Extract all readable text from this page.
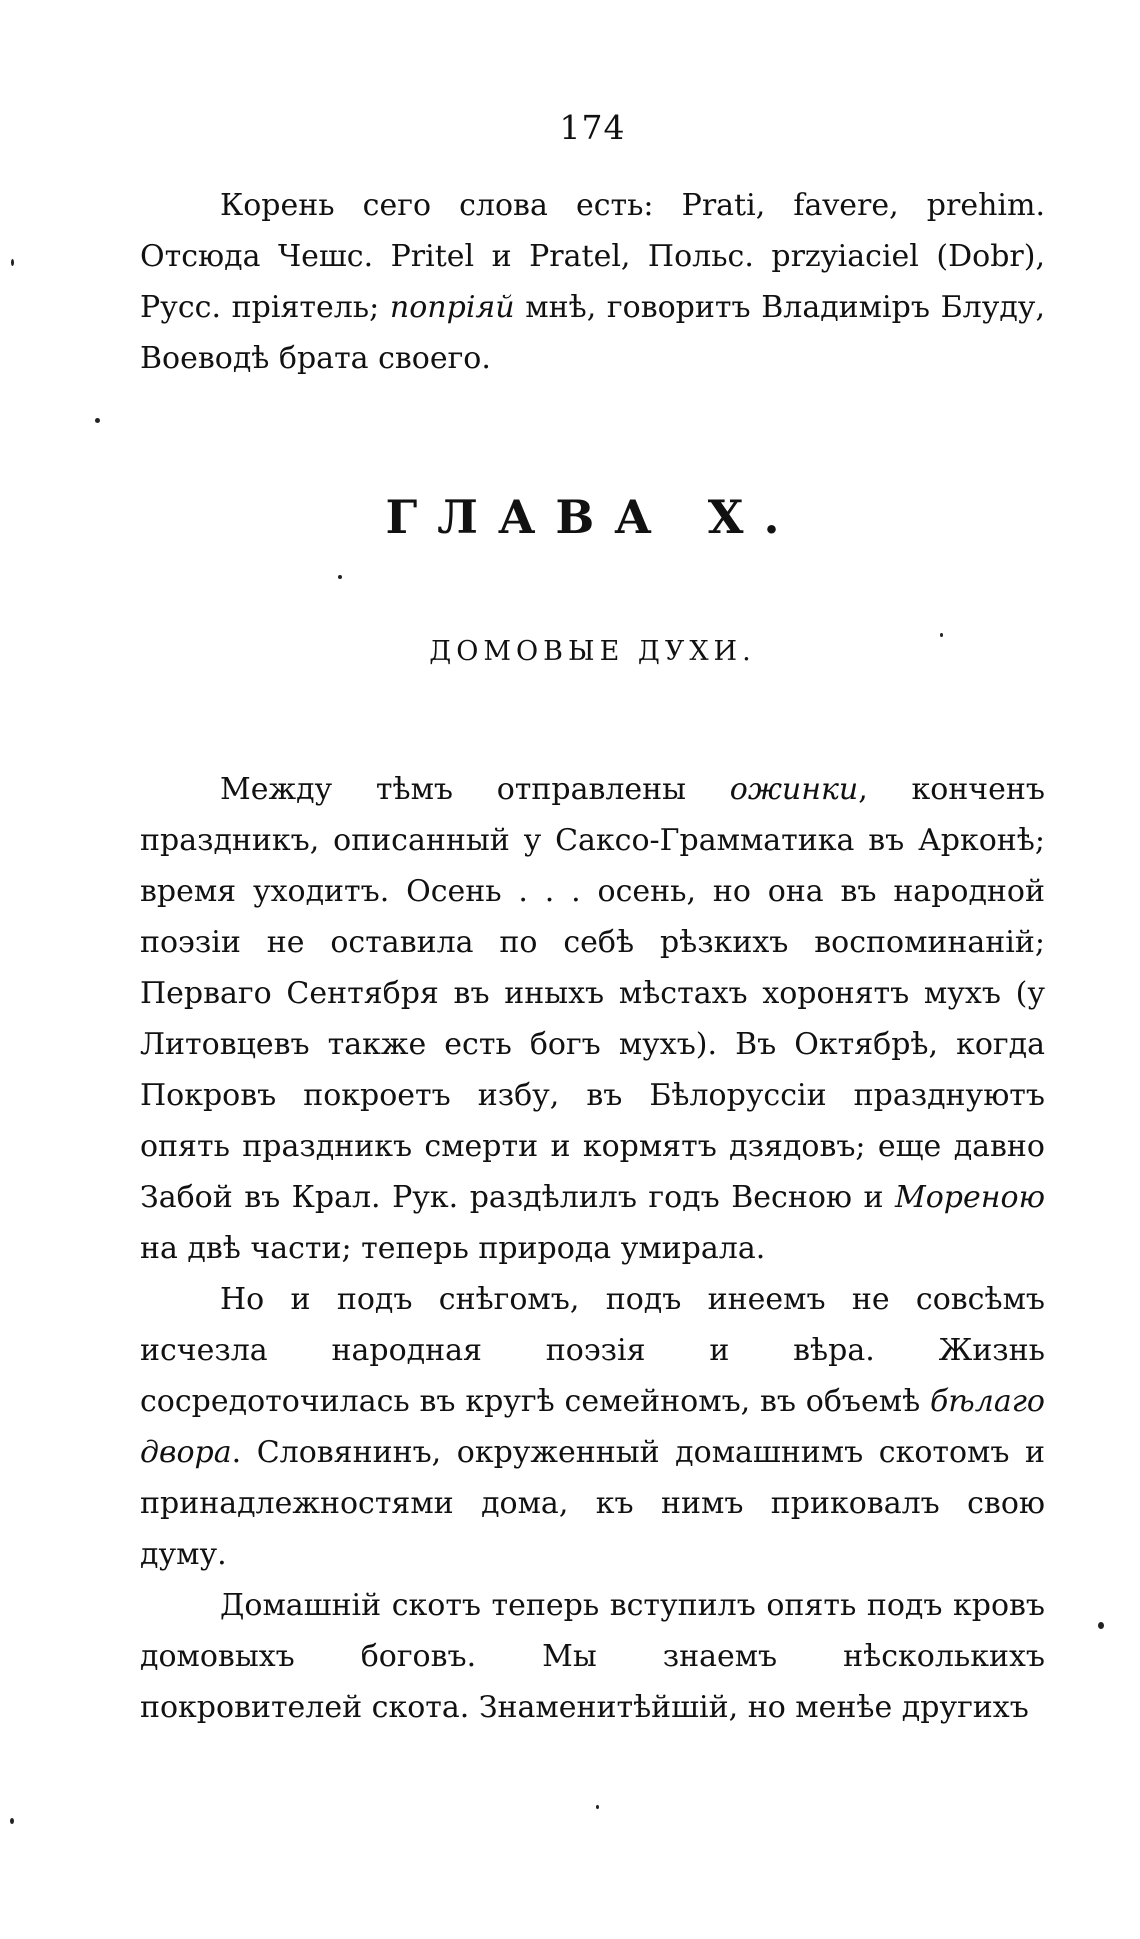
174

Корень сего слова есть: Prati, favere, prehim. Отсюда Чешс. Pritel и Pratel, Польс. przyiaciel (Dobr), Русс. пріятель; попріяй мнѣ, говоритъ Владиміръ Блуду, Воеводѣ брата своего.

ГЛАВА X.
ДОМОВЫЕ ДУХИ.

Между тѣмъ отправлены ожинки, конченъ праздникъ, описанный у Саксо-Грамматика въ Арконѣ; время уходитъ. Осень . . . осень, но она въ народной поэзіи не оставила по себѣ рѣзкихъ воспоминаній; Перваго Сентября въ иныхъ мѣстахъ хоронятъ мухъ (у Литовцевъ также есть богъ мухъ). Въ Октябрѣ, когда Покровъ покроетъ избу, въ Бѣлоруссіи празднуютъ опять праздникъ смерти и кормятъ дзядовъ; еще давно Забой въ Крал. Рук. раздѣлилъ годъ Весною и Мореною на двѣ части; теперь природа умирала.

Но и подъ снѣгомъ, подъ инеемъ не совсѣмъ исчезла народная поэзія и вѣра. Жизнь сосредоточилась въ кругѣ семейномъ, въ объемѣ бѣлаго двора. Словянинъ, окруженный домашнимъ скотомъ и принадлежностями дома, къ нимъ приковалъ свою думу.

Домашній скотъ теперь вступилъ опять подъ кровъ домовыхъ боговъ. Мы знаемъ нѣсколькихъ покровителей скота. Знаменитѣйшій, но менѣе другихъ
